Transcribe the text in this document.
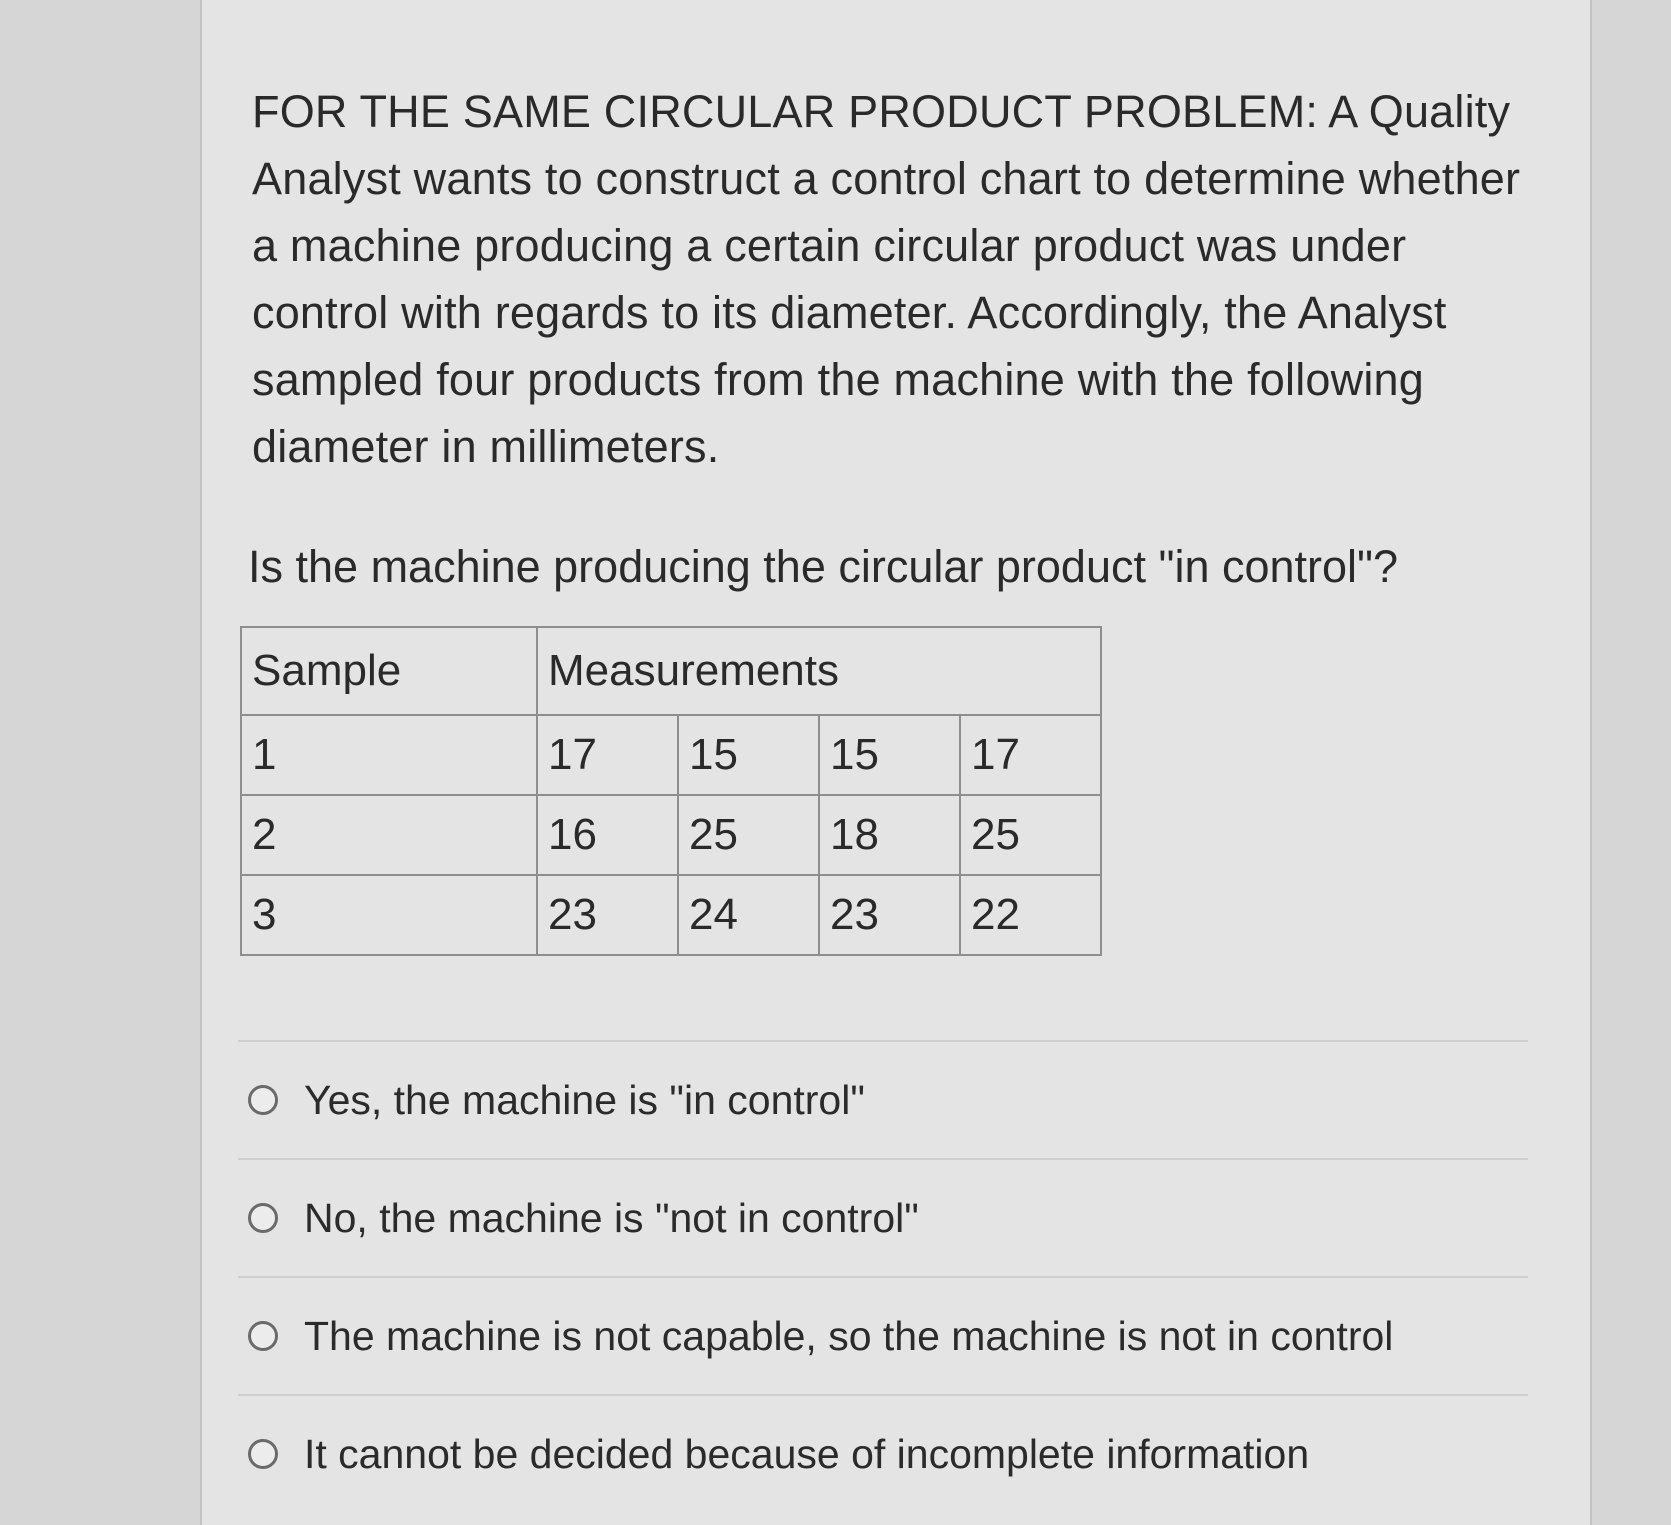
FOR THE SAME CIRCULAR PRODUCT PROBLEM: A Quality Analyst wants to construct a control chart to determine whether a machine producing a certain circular product was under control with regards to its diameter. Accordingly, the Analyst sampled four products from the machine with the following diameter in millimeters.

Is the machine producing the circular product "in control"?

Sample	Measurements			
1	17	15	15	17
2	16	25	18	25
3	23	24	23	22
Yes, the machine is "in control"
No, the machine is "not in control"
The machine is not capable, so the machine is not in control
It cannot be decided because of incomplete information
